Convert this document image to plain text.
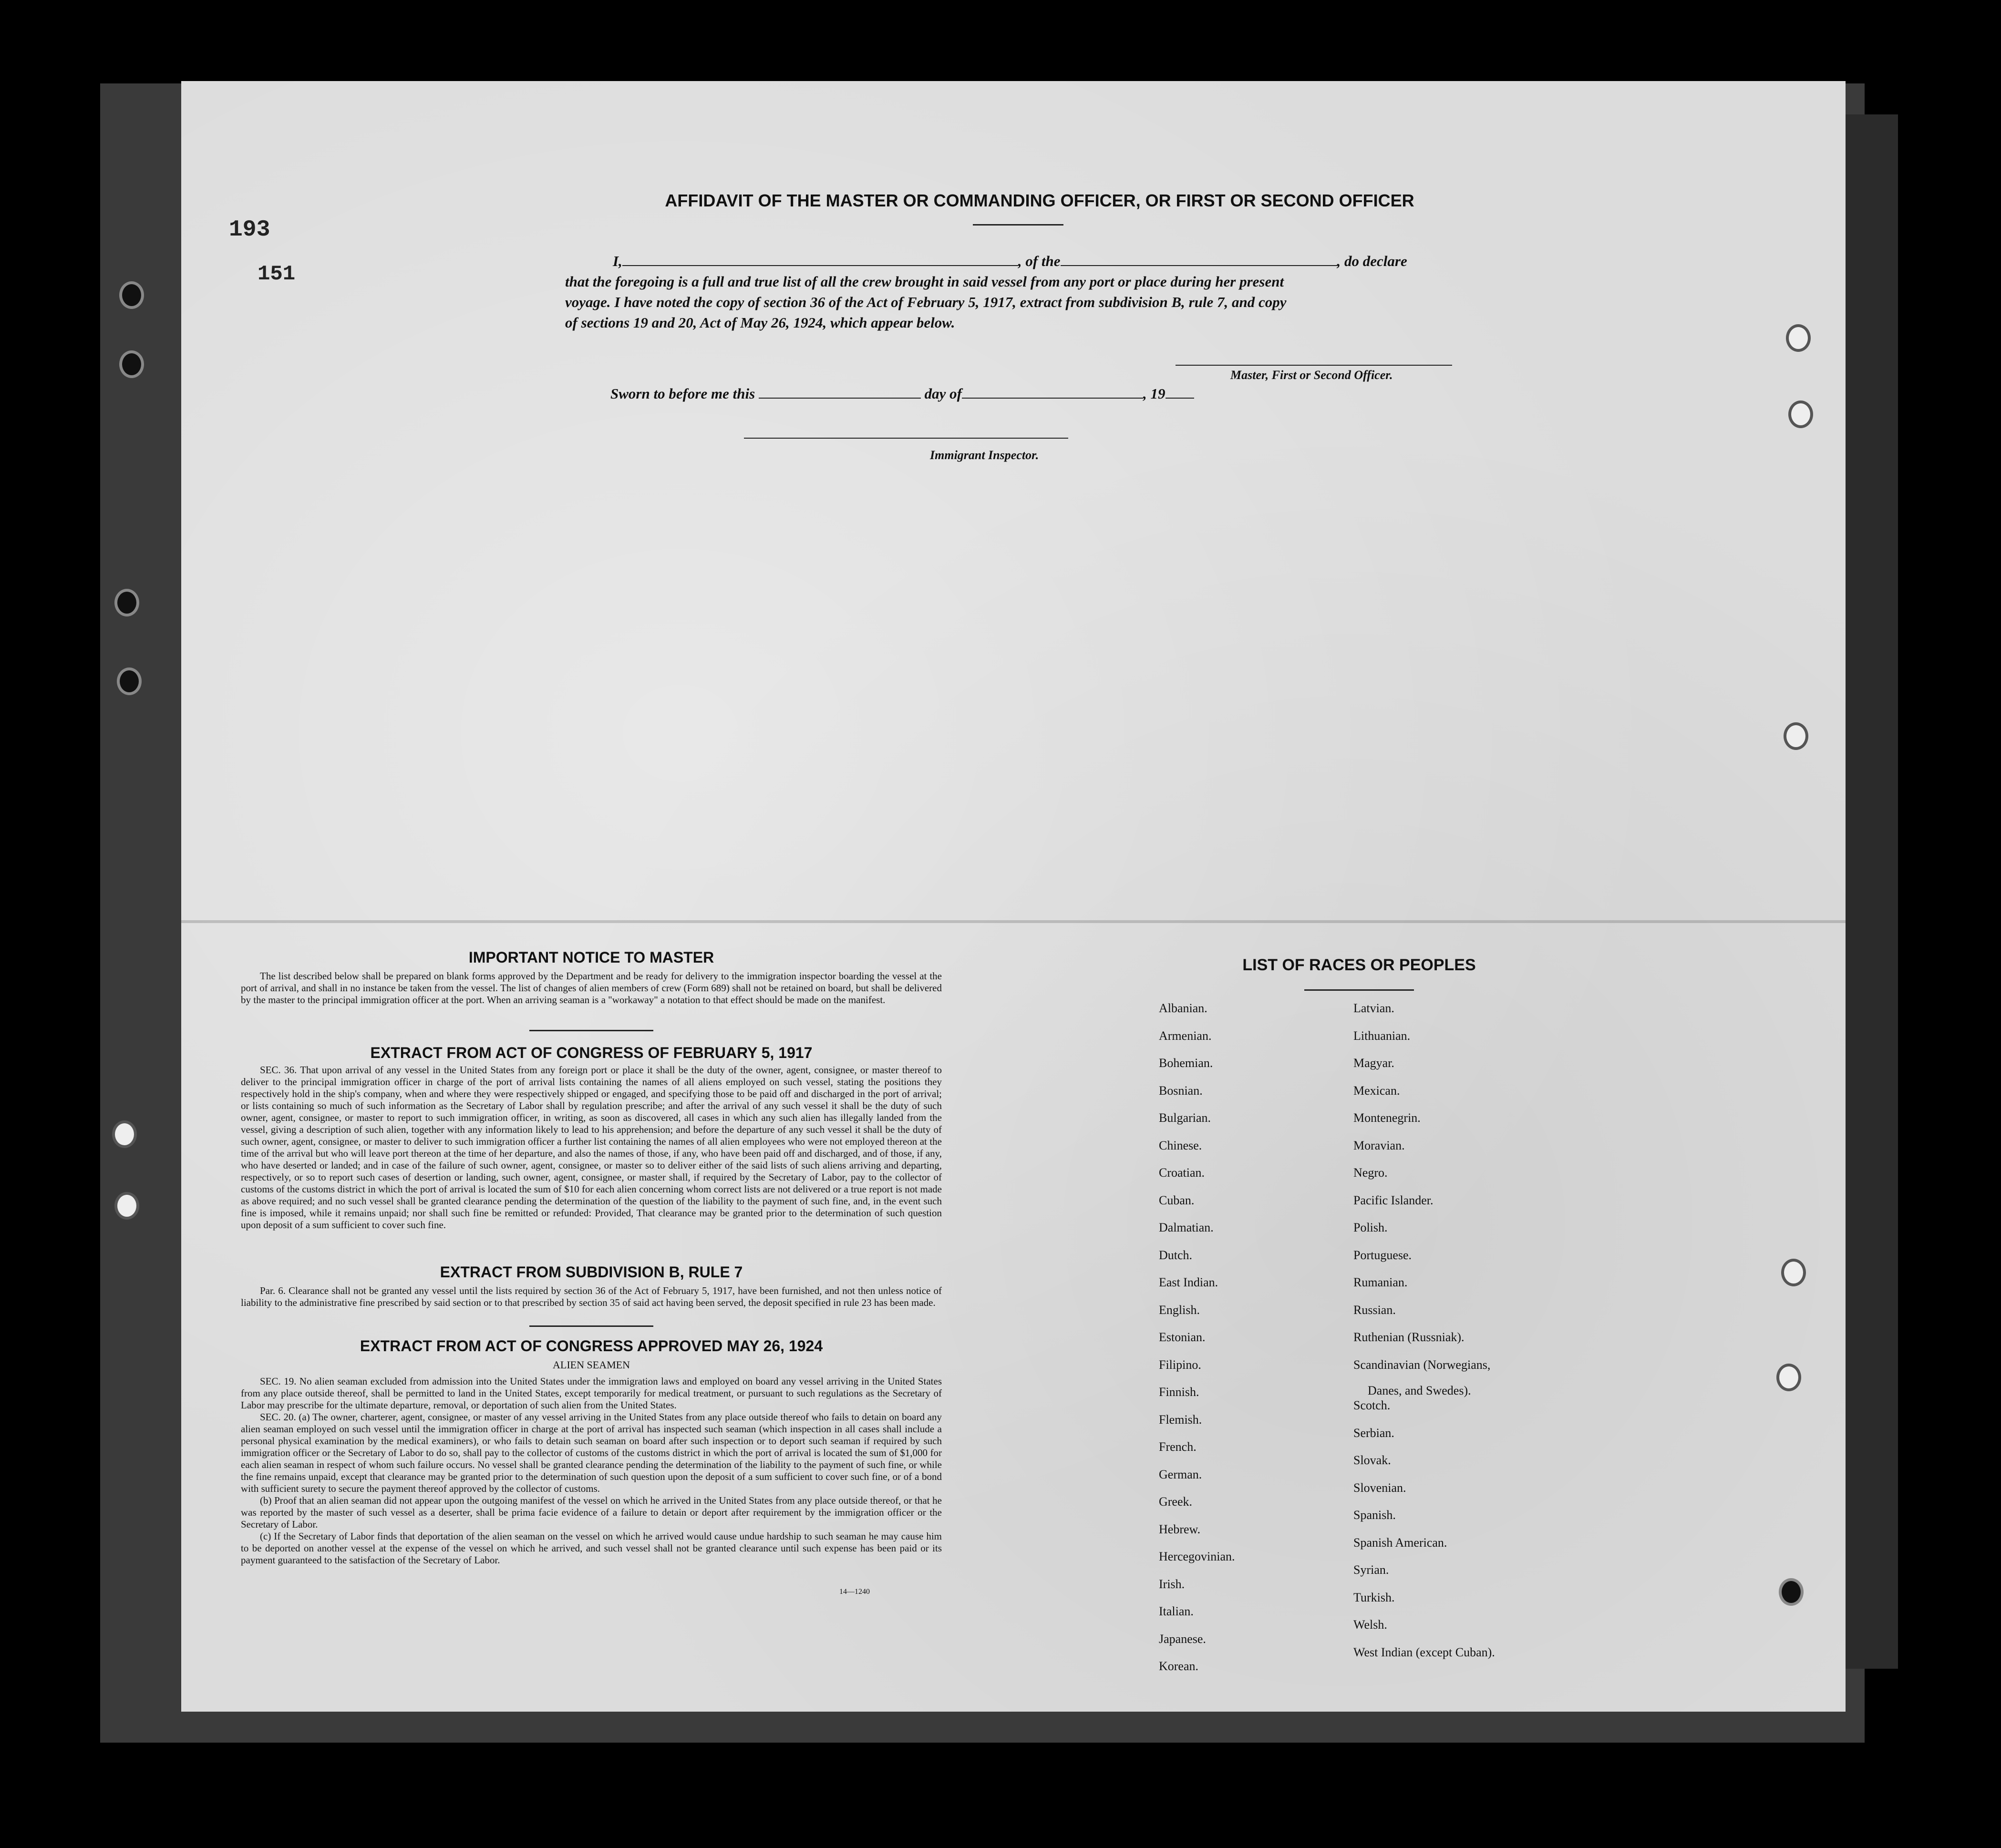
193
151
AFFIDAVIT OF THE MASTER OR COMMANDING OFFICER, OR FIRST OR SECOND OFFICER
I,	, of the	, do declare
that the foregoing is a full and true list of all the crew brought in said vessel from any port or place during her present
voyage. I have noted the copy of section 36 of the Act of February 5, 1917, extract from subdivision B, rule 7, and copy
of sections 19 and 20, Act of May 26, 1924, which appear below.
Master, First or Second Officer.
Sworn to before me this	day of	, 19
Immigrant Inspector.
IMPORTANT NOTICE TO MASTER
The list described below shall be prepared on blank forms approved by the Department and be ready for delivery to the immigration inspector boarding the vessel at the port of arrival, and shall in no instance be taken from the vessel. The list of changes of alien members of crew (Form 689) shall not be retained on board, but shall be delivered by the master to the principal immigration officer at the port. When an arriving seaman is a "workaway" a notation to that effect should be made on the manifest.
EXTRACT FROM ACT OF CONGRESS OF FEBRUARY 5, 1917
SEC. 36. That upon arrival of any vessel in the United States from any foreign port or place it shall be the duty of the owner, agent, consignee, or master thereof to deliver to the principal immigration officer in charge of the port of arrival lists containing the names of all aliens employed on such vessel, stating the positions they respectively hold in the ship's company, when and where they were respectively shipped or engaged, and specifying those to be paid off and discharged in the port of arrival; or lists containing so much of such information as the Secretary of Labor shall by regulation prescribe; and after the arrival of any such vessel it shall be the duty of such owner, agent, consignee, or master to report to such immigration officer, in writing, as soon as discovered, all cases in which any such alien has illegally landed from the vessel, giving a description of such alien, together with any information likely to lead to his apprehension; and before the departure of any such vessel it shall be the duty of such owner, agent, consignee, or master to deliver to such immigration officer a further list containing the names of all alien employees who were not employed thereon at the time of the arrival but who will leave port thereon at the time of her departure, and also the names of those, if any, who have been paid off and discharged, and of those, if any, who have deserted or landed; and in case of the failure of such owner, agent, consignee, or master so to deliver either of the said lists of such aliens arriving and departing, respectively, or so to report such cases of desertion or landing, such owner, agent, consignee, or master shall, if required by the Secretary of Labor, pay to the collector of customs of the customs district in which the port of arrival is located the sum of $10 for each alien concerning whom correct lists are not delivered or a true report is not made as above required; and no such vessel shall be granted clearance pending the determination of the question of the liability to the payment of such fine, and, in the event such fine is imposed, while it remains unpaid; nor shall such fine be remitted or refunded: Provided, That clearance may be granted prior to the determination of such question upon deposit of a sum sufficient to cover such fine.
EXTRACT FROM SUBDIVISION B, RULE 7
Par. 6. Clearance shall not be granted any vessel until the lists required by section 36 of the Act of February 5, 1917, have been furnished, and not then unless notice of liability to the administrative fine prescribed by said section or to that prescribed by section 35 of said act having been served, the deposit specified in rule 23 has been made.
EXTRACT FROM ACT OF CONGRESS APPROVED MAY 26, 1924
ALIEN SEAMEN
SEC. 19. No alien seaman excluded from admission into the United States under the immigration laws and employed on board any vessel arriving in the United States from any place outside thereof, shall be permitted to land in the United States, except temporarily for medical treatment, or pursuant to such regulations as the Secretary of Labor may prescribe for the ultimate departure, removal, or deportation of such alien from the United States.
SEC. 20. (a) The owner, charterer, agent, consignee, or master of any vessel arriving in the United States from any place outside thereof who fails to detain on board any alien seaman employed on such vessel until the immigration officer in charge at the port of arrival has inspected such seaman (which inspection in all cases shall include a personal physical examination by the medical examiners), or who fails to detain such seaman on board after such inspection or to deport such seaman if required by such immigration officer or the Secretary of Labor to do so, shall pay to the collector of customs of the customs district in which the port of arrival is located the sum of $1,000 for each alien seaman in respect of whom such failure occurs. No vessel shall be granted clearance pending the determination of the liability to the payment of such fine, or while the fine remains unpaid, except that clearance may be granted prior to the determination of such question upon the deposit of a sum sufficient to cover such fine, or of a bond with sufficient surety to secure the payment thereof approved by the collector of customs.
(b) Proof that an alien seaman did not appear upon the outgoing manifest of the vessel on which he arrived in the United States from any place outside thereof, or that he was reported by the master of such vessel as a deserter, shall be prima facie evidence of a failure to detain or deport after requirement by the immigration officer or the Secretary of Labor.
(c) If the Secretary of Labor finds that deportation of the alien seaman on the vessel on which he arrived would cause undue hardship to such seaman he may cause him to be deported on another vessel at the expense of the vessel on which he arrived, and such vessel shall not be granted clearance until such expense has been paid or its payment guaranteed to the satisfaction of the Secretary of Labor.
14—1240
LIST OF RACES OR PEOPLES
Albanian.
Armenian.
Bohemian.
Bosnian.
Bulgarian.
Chinese.
Croatian.
Cuban.
Dalmatian.
Dutch.
East Indian.
English.
Estonian.
Filipino.
Finnish.
Flemish.
French.
German.
Greek.
Hebrew.
Hercegovinian.
Irish.
Italian.
Japanese.
Korean.
Latvian.
Lithuanian.
Magyar.
Mexican.
Montenegrin.
Moravian.
Negro.
Pacific Islander.
Polish.
Portuguese.
Rumanian.
Russian.
Ruthenian (Russniak).
Scandinavian (Norwegians,
Scotch.
Serbian.
Slovak.
Slovenian.
Spanish.
Spanish American.
Syrian.
Turkish.
Welsh.
West Indian (except Cuban).
Danes, and Swedes).
